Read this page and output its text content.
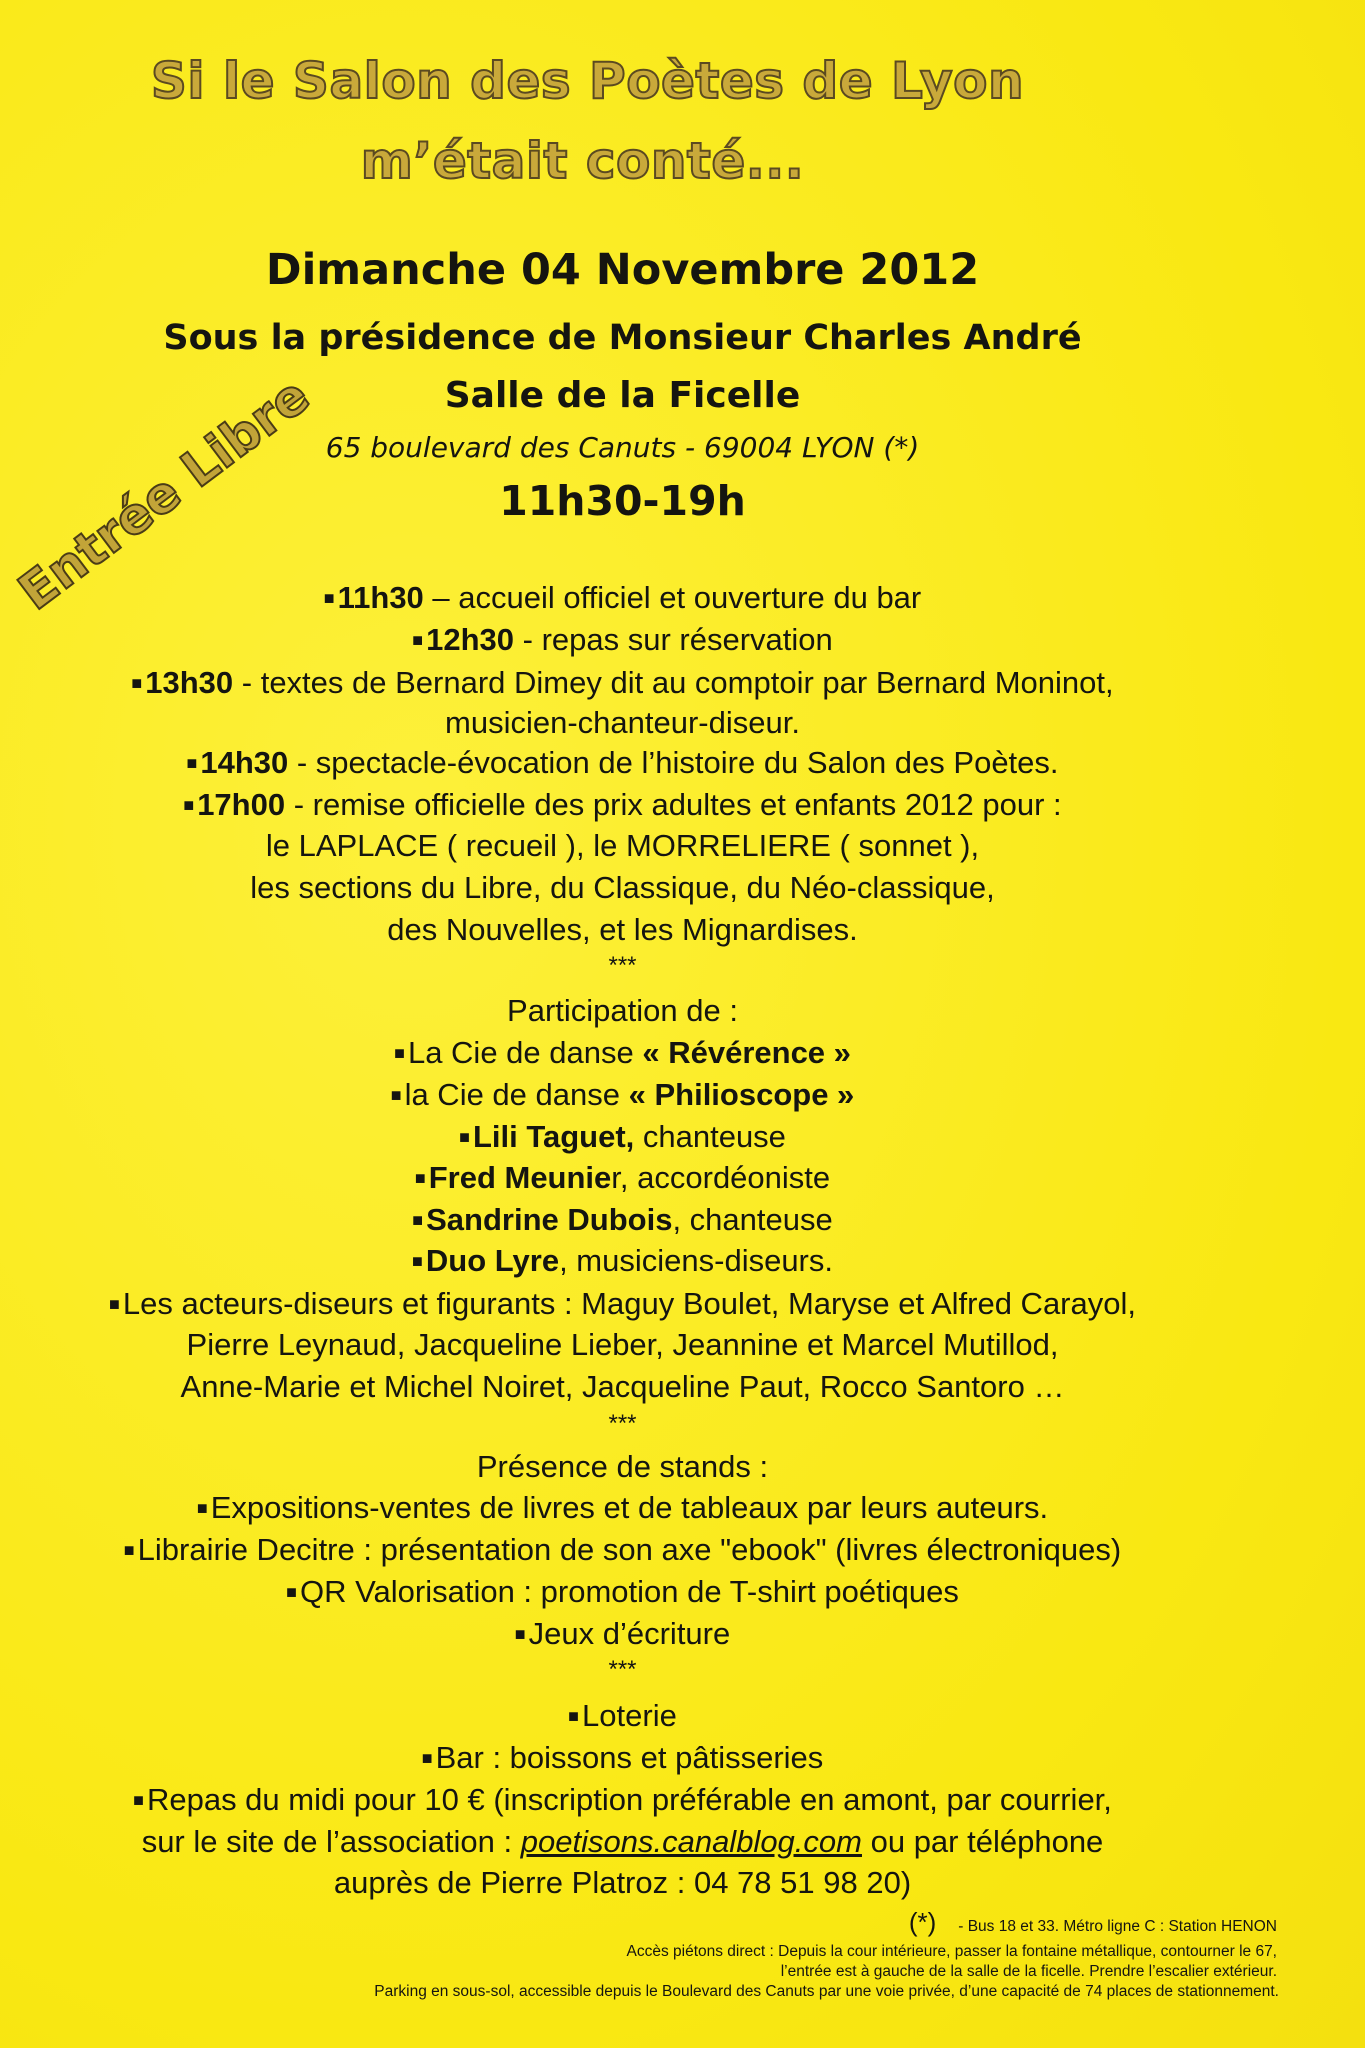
Si le Salon des Poètes de Lyon
m’était conté...
Dimanche 04 Novembre 2012
Sous la présidence de Monsieur Charles André
Salle de la Ficelle
65 boulevard des Canuts - 69004 LYON (*)
11h30-19h
Entrée Libre ■11h30 – accueil officiel et ouverture du bar
■12h30 - repas sur réservation
■13h30 - textes de Bernard Dimey dit au comptoir par Bernard Moninot,
musicien-chanteur-diseur.
■14h30 - spectacle-évocation de l’histoire du Salon des Poètes.
■17h00 - remise officielle des prix adultes et enfants 2012 pour :
le LAPLACE ( recueil ), le MORRELIERE ( sonnet ),
les sections du Libre, du Classique, du Néo-classique,
des Nouvelles, et les Mignardises.
***
Participation de :
■La Cie de danse « Révérence »
■la Cie de danse « Philioscope »
■Lili Taguet, chanteuse
■Fred Meunier, accordéoniste
■Sandrine Dubois, chanteuse
■Duo Lyre, musiciens-diseurs.
■Les acteurs-diseurs et figurants : Maguy Boulet, Maryse et Alfred Carayol,
Pierre Leynaud, Jacqueline Lieber, Jeannine et Marcel Mutillod,
Anne-Marie et Michel Noiret, Jacqueline Paut, Rocco Santoro …
***
Présence de stands :
■Expositions-ventes de livres et de tableaux par leurs auteurs.
■Librairie Decitre : présentation de son axe "ebook" (livres électroniques)
■QR Valorisation : promotion de T-shirt poétiques
■Jeux d’écriture
***
■Loterie
■Bar : boissons et pâtisseries
■Repas du midi pour 10 € (inscription préférable en amont, par courrier,
sur le site de l’association : poetisons.canalblog.com ou par téléphone
auprès de Pierre Platroz : 04 78 51 98 20)
(*) - Bus 18 et 33. Métro ligne C : Station HENON
Accès piétons direct : Depuis la cour intérieure, passer la fontaine métallique, contourner le 67,
l’entrée est à gauche de la salle de la ficelle. Prendre l’escalier extérieur.
Parking en sous-sol, accessible depuis le Boulevard des Canuts par une voie privée, d’une capacité de 74 places de stationnement.
